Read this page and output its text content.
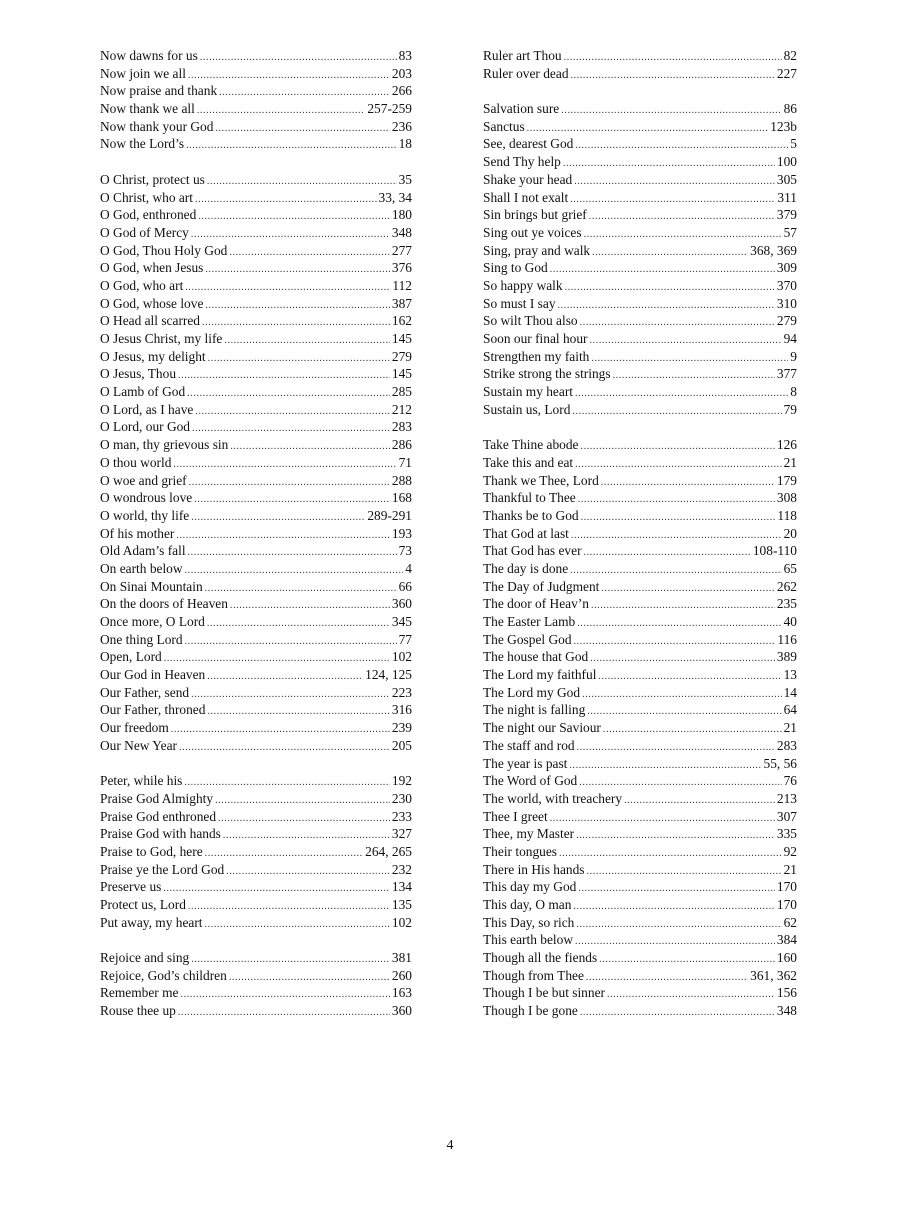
Now dawns for us .....	83
Now join we all .....	203
Now praise and thank .....	266
Now thank we all .....	257-259
Now thank your God .....	236
Now the Lord’s .....	18
O Christ, protect us .....	35
O Christ, who art .....	33, 34
O God, enthroned .....	180
O God of Mercy .....	348
O God, Thou Holy God .....	277
O God, when Jesus .....	376
O God, who art .....	112
O God, whose love .....	387
O Head all scarred .....	162
O Jesus Christ, my life .....	145
O Jesus, my delight .....	279
O Jesus, Thou .....	145
O Lamb of God .....	285
O Lord, as I have .....	212
O Lord, our God .....	283
O man, thy grievous sin .....	286
O thou world .....	71
O woe and grief .....	288
O wondrous love .....	168
O world, thy life .....	289-291
Of his mother .....	193
Old Adam’s fall .....	73
On earth below .....	4
On Sinai Mountain .....	66
On the doors of Heaven .....	360
Once more, O Lord .....	345
One thing Lord .....	77
Open, Lord .....	102
Our God in Heaven .....	124, 125
Our Father, send .....	223
Our Father, throned .....	316
Our freedom .....	239
Our New Year .....	205
Peter, while his .....	192
Praise God Almighty .....	230
Praise God enthroned .....	233
Praise God with hands .....	327
Praise to God, here .....	264, 265
Praise ye the Lord God .....	232
Preserve us .....	134
Protect us, Lord .....	135
Put away, my heart .....	102
Rejoice and sing .....	381
Rejoice, God’s children .....	260
Remember me .....	163
Rouse thee up .....	360
Ruler art Thou .....	82
Ruler over dead .....	227
Salvation sure .....	86
Sanctus .....	123b
See, dearest God .....	5
Send Thy help .....	100
Shake your head .....	305
Shall I not exalt .....	311
Sin brings but grief .....	379
Sing out ye voices .....	57
Sing, pray and walk .....	368, 369
Sing to God .....	309
So happy walk .....	370
So must I say .....	310
So wilt Thou also .....	279
Soon our final hour .....	94
Strengthen my faith .....	9
Strike strong the strings .....	377
Sustain my heart .....	8
Sustain us, Lord .....	79
Take Thine abode .....	126
Take this and eat .....	21
Thank we Thee, Lord .....	179
Thankful to Thee .....	308
Thanks be to God .....	118
That God at last .....	20
That God has ever .....	108-110
The day is done .....	65
The Day of Judgment .....	262
The door of Heav’n .....	235
The Easter Lamb .....	40
The Gospel God .....	116
The house that God .....	389
The Lord my faithful .....	13
The Lord my God .....	14
The night is falling .....	64
The night our Saviour .....	21
The staff and rod .....	283
The year is past .....	55, 56
The Word of God .....	76
The world, with treachery .....	213
Thee I greet .....	307
Thee, my Master .....	335
Their tongues .....	92
There in His hands .....	21
This day my God .....	170
This day, O man .....	170
This Day, so rich .....	62
This earth below .....	384
Though all the fiends .....	160
Though from Thee .....	361, 362
Though I be but sinner .....	156
Though I be gone .....	348
4
